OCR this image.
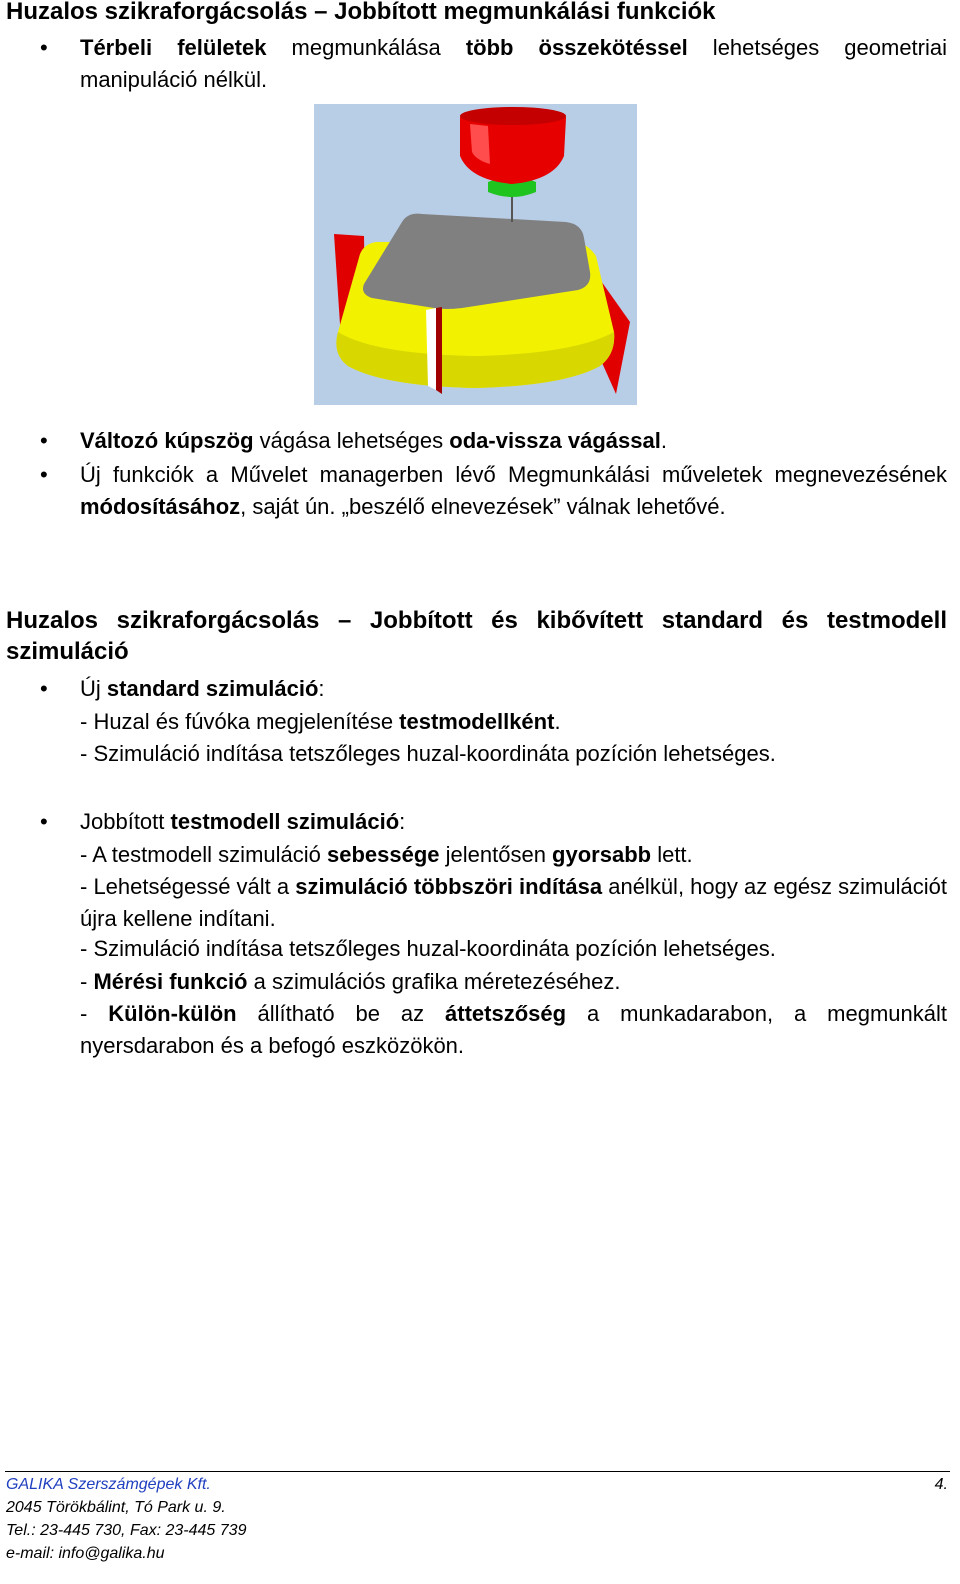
Huzalos szikraforgácsolás – Jobbított megmunkálási funkciók
•	Térbeli felületek megmunkálása több összekötéssel lehetséges geometriai manipuláció nélkül.

•	Változó kúpszög vágása lehetséges oda-vissza vágással.

•	Új funkciók a Művelet managerben lévő Megmunkálási műveletek megnevezésének módosításához, saját ún. „beszélő elnevezések” válnak lehetővé.

Huzalos szikraforgácsolás – Jobbított és kibővített standard és testmodell szimuláció
•	Új standard szimuláció:

- Huzal és fúvóka megjelenítése testmodellként.

- Szimuláció indítása tetszőleges huzal-koordináta pozíción lehetséges.

•	Jobbított testmodell szimuláció:

- A testmodell szimuláció sebessége jelentősen gyorsabb lett.

- Lehetségessé vált a szimuláció többszöri indítása anélkül, hogy az egész szimulációt újra kellene indítani.

- Szimuláció indítása tetszőleges huzal-koordináta pozíción lehetséges.

- Mérési funkció a szimulációs grafika méretezéséhez.

- Külön-külön állítható be az áttetszőség a munkadarabon, a megmunkált nyersdarabon és a befogó eszközökön.

GALIKA Szerszámgépek Kft.	4.
2045 Törökbálint, Tó Park u. 9.
Tel.: 23-445 730, Fax: 23-445 739
e-mail: info@galika.hu
